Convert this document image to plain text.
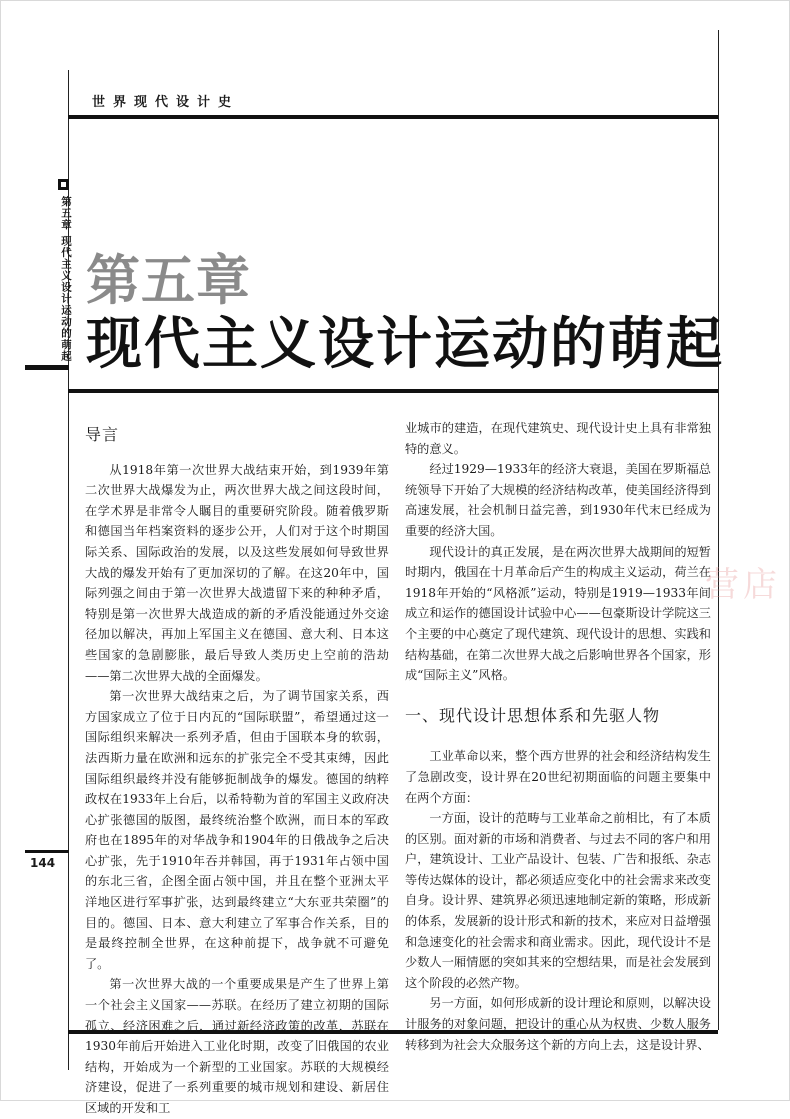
世界现代设计史
第五章 现代主义设计运动的萌起 第五章
现代主义设计运动的萌起
导言

从1918年第一次世界大战结束开始，到1939年第二次世界大战爆发为止，两次世界大战之间这段时间，在学术界是非常令人瞩目的重要研究阶段。随着俄罗斯和德国当年档案资料的逐步公开，人们对于这个时期国际关系、国际政治的发展，以及这些发展如何导致世界大战的爆发开始有了更加深切的了解。在这20年中，国际列强之间由于第一次世界大战遗留下来的种种矛盾，特别是第一次世界大战造成的新的矛盾没能通过外交途径加以解决，再加上军国主义在德国、意大利、日本这些国家的急剧膨胀，最后导致人类历史上空前的浩劫——第二次世界大战的全面爆发。

第一次世界大战结束之后，为了调节国家关系，西方国家成立了位于日内瓦的“国际联盟”，希望通过这一国际组织来解决一系列矛盾，但由于国联本身的软弱，法西斯力量在欧洲和远东的扩张完全不受其束缚，因此国际组织最终并没有能够扼制战争的爆发。德国的纳粹政权在1933年上台后，以希特勒为首的军国主义政府决心扩张德国的版图，最终统治整个欧洲，而日本的军政府也在1895年的对华战争和1904年的日俄战争之后决心扩张，先于1910年吞并韩国，再于1931年占领中国的东北三省，企图全面占领中国，并且在整个亚洲太平洋地区进行军事扩张，达到最终建立“大东亚共荣圈”的目的。德国、日本、意大利建立了军事合作关系，目的是最终控制全世界，在这种前提下，战争就不可避免了。

第一次世界大战的一个重要成果是产生了世界上第一个社会主义国家——苏联。在经历了建立初期的国际孤立、经济困难之后，通过新经济政策的改革，苏联在1930年前后开始进入工业化时期，改变了旧俄国的农业结构，开始成为一个新型的工业国家。苏联的大规模经济建设，促进了一系列重要的城市规划和建设、新居住区域的开发和工

业城市的建造，在现代建筑史、现代设计史上具有非常独特的意义。

经过1929—1933年的经济大衰退，美国在罗斯福总统领导下开始了大规模的经济结构改革，使美国经济得到高速发展，社会机制日益完善，到1930年代末已经成为重要的经济大国。

现代设计的真正发展，是在两次世界大战期间的短暂时期内，俄国在十月革命后产生的构成主义运动，荷兰在1918年开始的“风格派”运动，特别是1919—1933年间成立和运作的德国设计试验中心——包豪斯设计学院这三个主要的中心奠定了现代建筑、现代设计的思想、实践和结构基础，在第二次世界大战之后影响世界各个国家，形成“国际主义”风格。

一、现代设计思想体系和先驱人物

工业革命以来，整个西方世界的社会和经济结构发生了急剧改变，设计界在20世纪初期面临的问题主要集中在两个方面：

一方面，设计的范畴与工业革命之前相比，有了本质的区别。面对新的市场和消费者、与过去不同的客户和用户，建筑设计、工业产品设计、包装、广告和报纸、杂志等传达媒体的设计，都必须适应变化中的社会需求来改变自身。设计界、建筑界必须迅速地制定新的策略，形成新的体系，发展新的设计形式和新的技术，来应对日益增强和急速变化的社会需求和商业需求。因此，现代设计不是少数人一厢情愿的突如其来的空想结果，而是社会发展到这个阶段的必然产物。

另一方面，如何形成新的设计理论和原则，以解决设计服务的对象问题，把设计的重心从为权贵、少数人服务转移到为社会大众服务这个新的方向上去，这是设计界、

144
营店
